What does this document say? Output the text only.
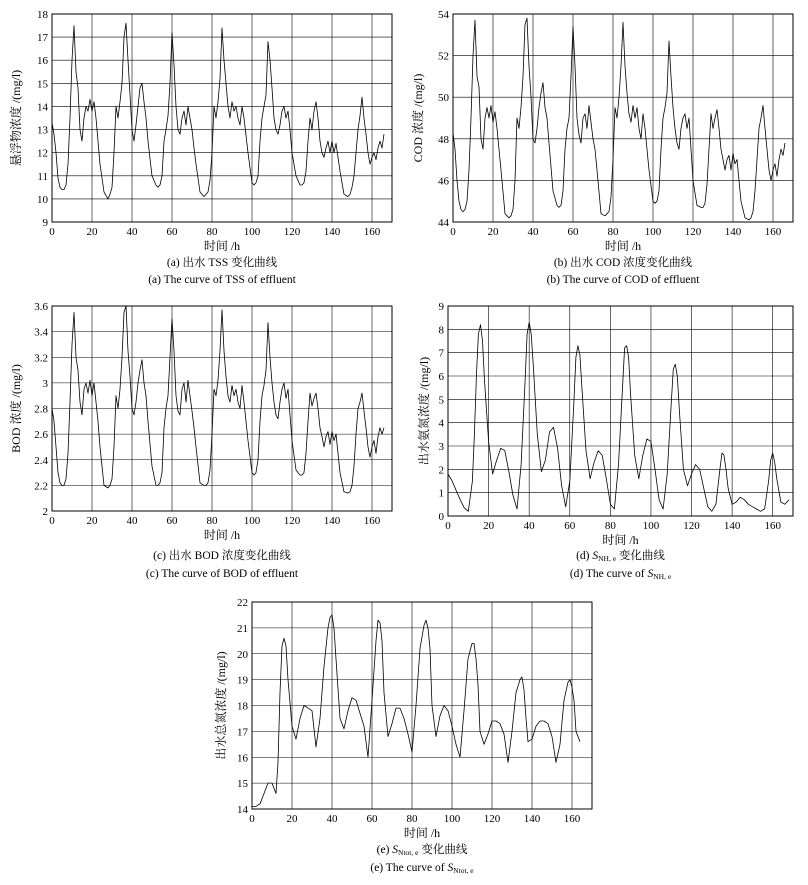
9
10
11
12
13
14
15
16
17
18
0	20	40	60	80 100 120 140 160
时间 /h
悬浮物浓度 /(mg/l)
(a) 出水 TSS 变化曲线
(a) The curve of TSS of effluent
44
46
48
50
52
54
0	20	40	60	80 100 120 140 160
时间 /h
COD 浓度 /(mg/l)
(b) 出水 COD 浓度变化曲线
(b) The curve of COD of effluent
2
2.2
2.4
2.6
2.8
3
3.2
3.4
3.6
0	20	40	60	80 100 120 140 160
时间 /h
BOD 浓度 /(mg/l)
(c) 出水 BOD 浓度变化曲线
(c) The curve of BOD of effluent
0
1
2
3
4
5
6
7
8
9
0	20	40	60	80 100 120 140 160
时间 /h
出水氨氮浓度 /(mg/l)
(d) SNH, e 变化曲线
(d) The curve of SNH, e
14
15
16
17
18
19
20
21
22
0	20	40	60	80 100 120 140 160
时间 /h
出水总氮浓度 /(mg/l)
(e) SNtot, e 变化曲线
(e) The curve of SNtot, e
